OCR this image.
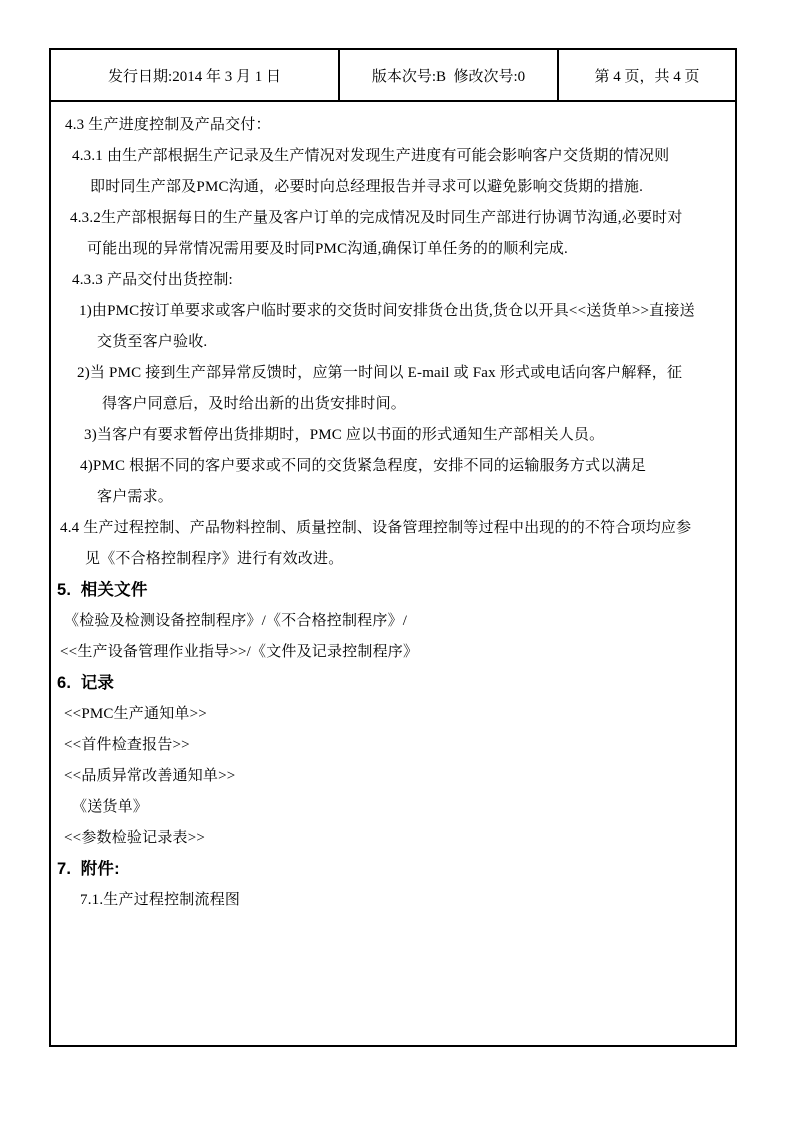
发行日期:2014 年 3 月 1 日	版本次号:B  修改次号:0	第 4 页，共 4 页

4.3 生产进度控制及产品交付：

4.3.1 由生产部根据生产记录及生产情况对发现生产进度有可能会影响客户交货期的情况则

即时同生产部及PMC沟通，必要时向总经理报告并寻求可以避免影响交货期的措施.

4.3.2生产部根据每日的生产量及客户订单的完成情况及时同生产部进行协调节沟通,必要时对

可能出现的异常情况需用要及时同PMC沟通,确保订单任务的的顺利完成.

4.3.3 产品交付出货控制:

1)由PMC按订单要求或客户临时要求的交货时间安排货仓出货,货仓以开具<<送货单>>直接送

交货至客户验收.

2)当 PMC 接到生产部异常反馈时，应第一时间以 E-mail 或 Fax 形式或电话向客户解释，征

得客户同意后，及时给出新的出货安排时间。

3)当客户有要求暂停出货排期时，PMC 应以书面的形式通知生产部相关人员。

4)PMC 根据不同的客户要求或不同的交货紧急程度，安排不同的运输服务方式以满足

客户需求。

4.4 生产过程控制、产品物料控制、质量控制、设备管理控制等过程中出现的的不符合项均应参

见《不合格控制程序》进行有效改进。

5.  相关文件

《检验及检测设备控制程序》/《不合格控制程序》/

<<生产设备管理作业指导>>/《文件及记录控制程序》

6.  记录

<<PMC生产通知单>>

<<首件检查报告>>

<<品质异常改善通知单>>

《送货单》

<<参数检验记录表>>

7.  附件:

7.1.生产过程控制流程图
